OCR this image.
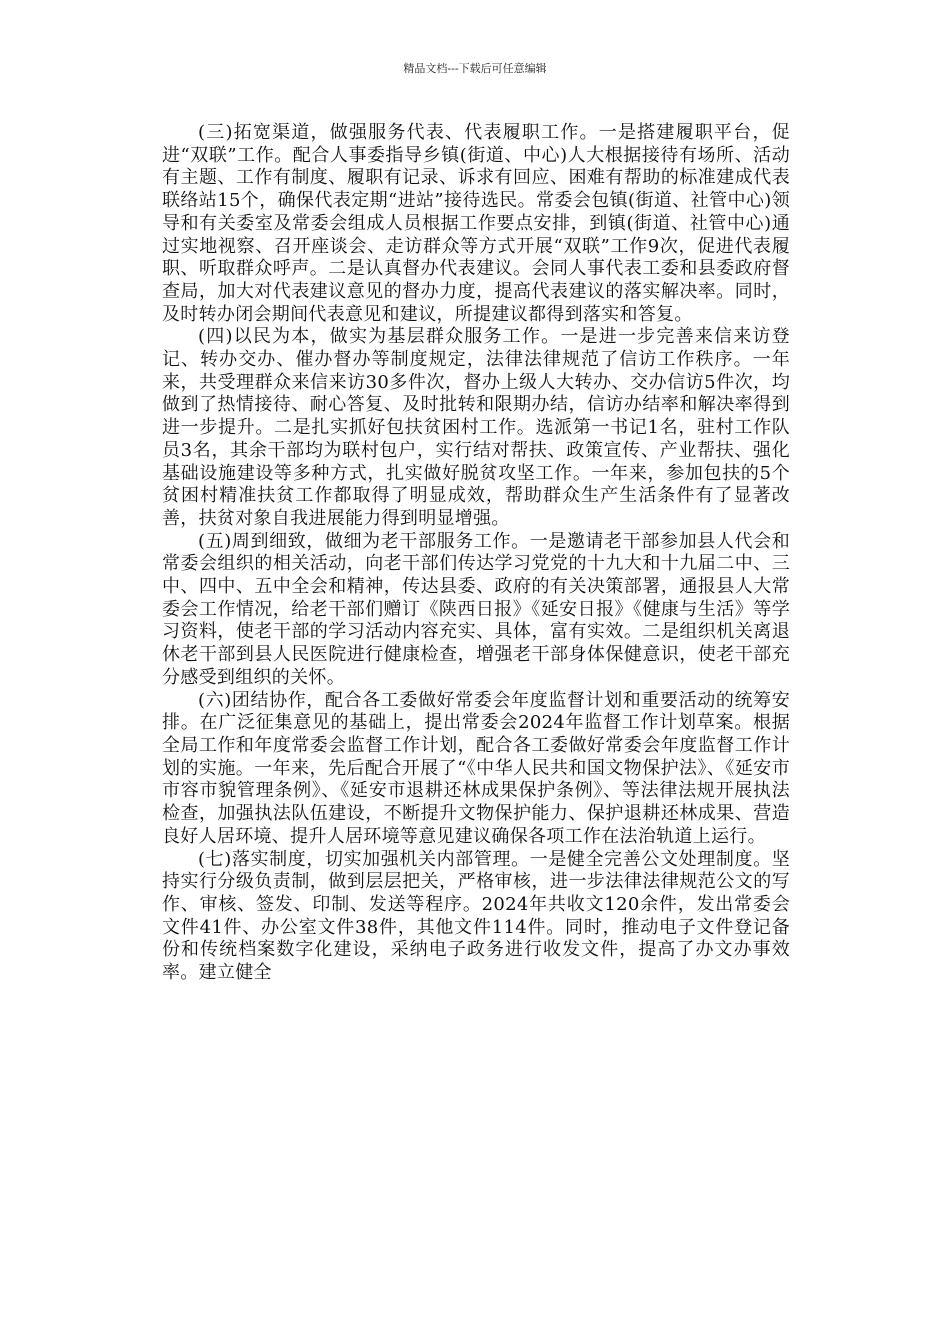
精品文档---下载后可任意编辑

(三)拓宽渠道，做强服务代表、代表履职工作。一是搭建履职平台，促进“双联”工作。配合人事委指导乡镇(街道、中心)人大根据接待有场所、活动有主题、工作有制度、履职有记录、诉求有回应、困难有帮助的标准建成代表联络站15个，确保代表定期“进站”接待选民。常委会包镇(街道、社管中心)领导和有关委室及常委会组成人员根据工作要点安排，到镇(街道、社管中心)通过实地视察、召开座谈会、走访群众等方式开展“双联”工作9次，促进代表履职、听取群众呼声。二是认真督办代表建议。会同人事代表工委和县委政府督查局，加大对代表建议意见的督办力度，提高代表建议的落实解决率。同时，及时转办闭会期间代表意见和建议，所提建议都得到落实和答复。

(四)以民为本，做实为基层群众服务工作。一是进一步完善来信来访登记、转办交办、催办督办等制度规定，法律法律规范了信访工作秩序。一年来，共受理群众来信来访30多件次，督办上级人大转办、交办信访5件次，均做到了热情接待、耐心答复、及时批转和限期办结，信访办结率和解决率得到进一步提升。二是扎实抓好包扶贫困村工作。选派第一书记1名，驻村工作队员3名，其余干部均为联村包户，实行结对帮扶、政策宣传、产业帮扶、强化基础设施建设等多种方式，扎实做好脱贫攻坚工作。一年来，参加包扶的5个贫困村精准扶贫工作都取得了明显成效，帮助群众生产生活条件有了显著改善，扶贫对象自我进展能力得到明显增强。

(五)周到细致，做细为老干部服务工作。一是邀请老干部参加县人代会和常委会组织的相关活动，向老干部们传达学习党党的十九大和十九届二中、三中、四中、五中全会和精神，传达县委、政府的有关决策部署，通报县人大常委会工作情况，给老干部们赠订《陕西日报》《延安日报》《健康与生活》等学习资料，使老干部的学习活动内容充实、具体，富有实效。二是组织机关离退休老干部到县人民医院进行健康检查，增强老干部身体保健意识，使老干部充分感受到组织的关怀。

(六)团结协作，配合各工委做好常委会年度监督计划和重要活动的统筹安排。在广泛征集意见的基础上，提出常委会2024年监督工作计划草案。根据全局工作和年度常委会监督工作计划，配合各工委做好常委会年度监督工作计划的实施。一年来，先后配合开展了“《中华人民共和国文物保护法》、《延安市市容市貌管理条例》、《延安市退耕还林成果保护条例》、等法律法规开展执法检查，加强执法队伍建设，不断提升文物保护能力、保护退耕还林成果、营造良好人居环境、提升人居环境等意见建议确保各项工作在法治轨道上运行。

(七)落实制度，切实加强机关内部管理。一是健全完善公文处理制度。坚持实行分级负责制，做到层层把关，严格审核，进一步法律法律规范公文的写作、审核、签发、印制、发送等程序。2024年共收文120余件，发出常委会文件41件、办公室文件38件，其他文件114件。同时，推动电子文件登记备份和传统档案数字化建设，采纳电子政务进行收发文件，提高了办文办事效率。建立健全
